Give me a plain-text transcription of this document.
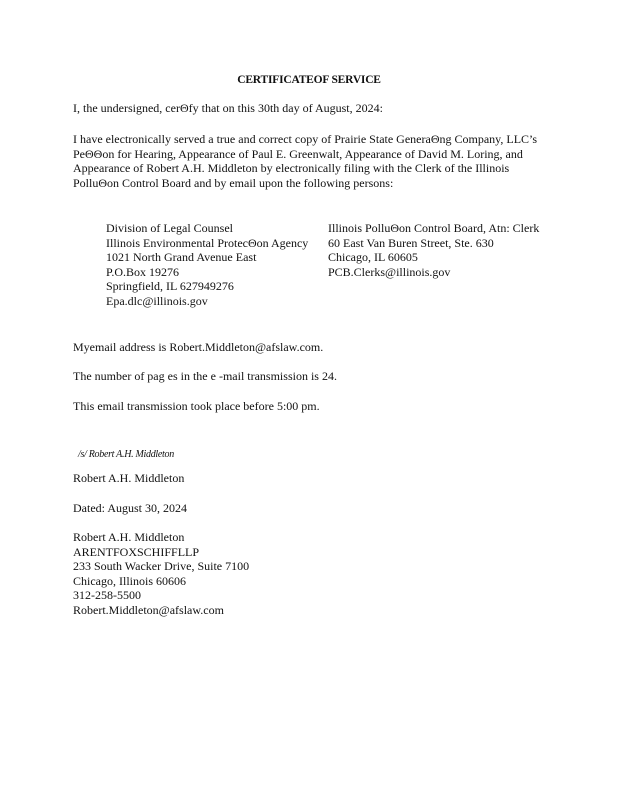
CERTIFICATEOF SERVICE

I, the undersigned, cerΘfy that on this 30th day of August, 2024:

I have electronically served a true and correct copy of Prairie State GeneraΘng Company, LLC’s PeΘΘon for Hearing, Appearance of Paul E. Greenwalt, Appearance of David M. Loring, and Appearance of Robert A.H. Middleton by electronically filing with the Clerk of the Illinois PolluΘon Control Board and by email upon the following persons:

Division of Legal Counsel
Illinois Environmental ProtecΘon Agency
1021 North Grand Avenue East
P.O.Box 19276
Springfield, IL 627949276
Epa.dlc@illinois.gov
Illinois PolluΘon Control Board, Atn: Clerk
60 East Van Buren Street, Ste. 630
Chicago, IL 60605
PCB.Clerks@illinois.gov

Myemail address is Robert.Middleton@afslaw.com.

The number of pag es in the e -mail transmission is 24.

This email transmission took place before 5:00 pm.

/s/ Robert A.H. Middleton

Robert A.H. Middleton

Dated: August 30, 2024

Robert A.H. Middleton
ARENTFOXSCHIFFLLP
233 South Wacker Drive, Suite 7100
Chicago, Illinois 60606
312-258-5500
Robert.Middleton@afslaw.com
